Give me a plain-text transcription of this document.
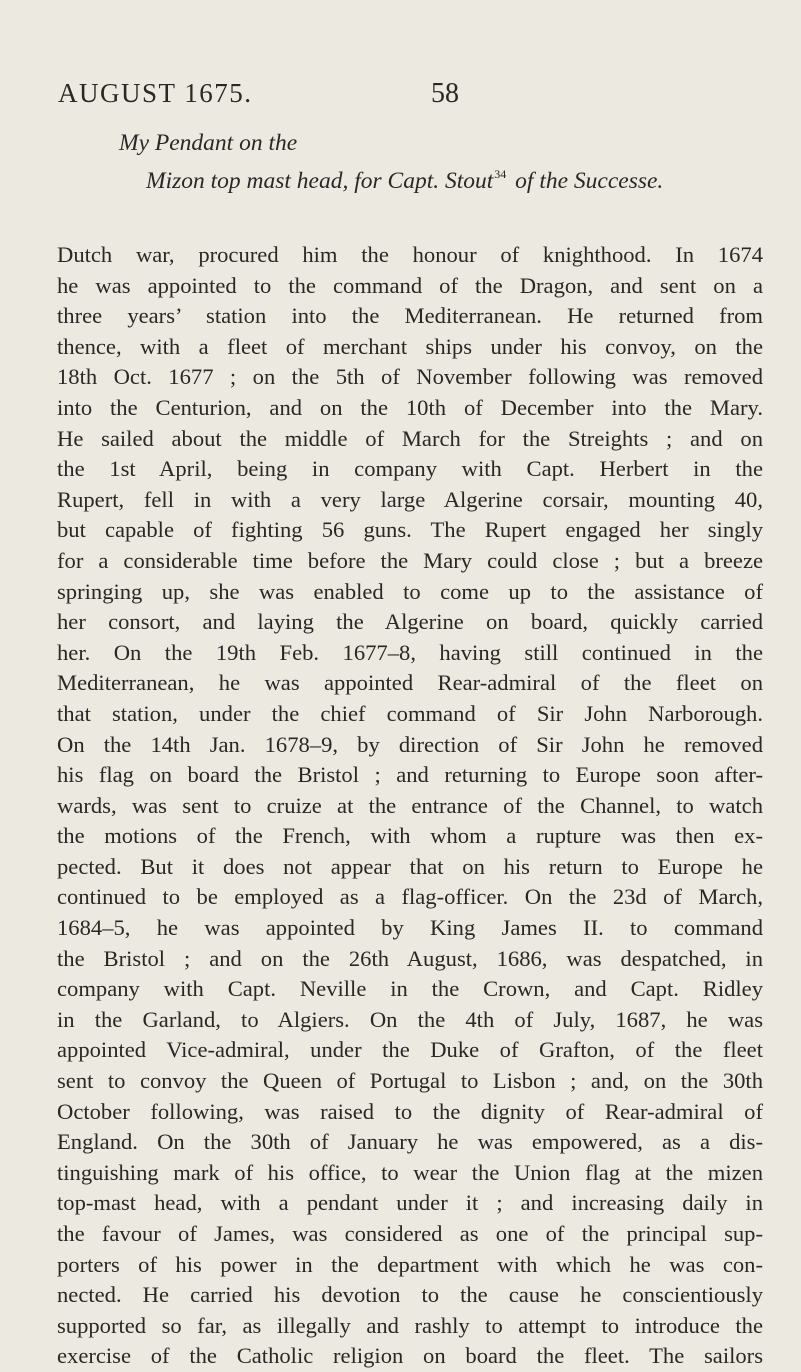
AUGUST 1675.	58
My Pendant on the
Mizon top mast head, for Capt. Stout$^{34}$ of the Successe.
Dutch war, procured him the honour of knighthood. In 1674
he was appointed to the command of the Dragon, and sent on a
three years’ station into the Mediterranean. He returned from
thence, with a fleet of merchant ships under his convoy, on the
18th Oct. 1677 ; on the 5th of November following was removed
into the Centurion, and on the 10th of December into the Mary.
He sailed about the middle of March for the Streights ; and on
the 1st April, being in company with Capt. Herbert in the
Rupert, fell in with a very large Algerine corsair, mounting 40,
but capable of fighting 56 guns. The Rupert engaged her singly
for a considerable time before the Mary could close ; but a breeze
springing up, she was enabled to come up to the assistance of
her consort, and laying the Algerine on board, quickly carried
her. On the 19th Feb. 1677–8, having still continued in the
Mediterranean, he was appointed Rear-admiral of the fleet on
that station, under the chief command of Sir John Narborough.
On the 14th Jan. 1678–9, by direction of Sir John he removed
his flag on board the Bristol ; and returning to Europe soon after-
wards, was sent to cruize at the entrance of the Channel, to watch
the motions of the French, with whom a rupture was then ex-
pected. But it does not appear that on his return to Europe he
continued to be employed as a flag-officer. On the 23d of March,
1684–5, he was appointed by King James II. to command
the Bristol ; and on the 26th August, 1686, was despatched, in
company with Capt. Neville in the Crown, and Capt. Ridley
in the Garland, to Algiers. On the 4th of July, 1687, he was
appointed Vice-admiral, under the Duke of Grafton, of the fleet
sent to convoy the Queen of Portugal to Lisbon ; and, on the 30th
October following, was raised to the dignity of Rear-admiral of
England. On the 30th of January he was empowered, as a dis-
tinguishing mark of his office, to wear the Union flag at the mizen
top-mast head, with a pendant under it ; and increasing daily in
the favour of James, was considered as one of the principal sup-
porters of his power in the department with which he was con-
nected. He carried his devotion to the cause he conscientiously
supported so far, as illegally and rashly to attempt to introduce the
exercise of the Catholic religion on board the fleet. The sailors
